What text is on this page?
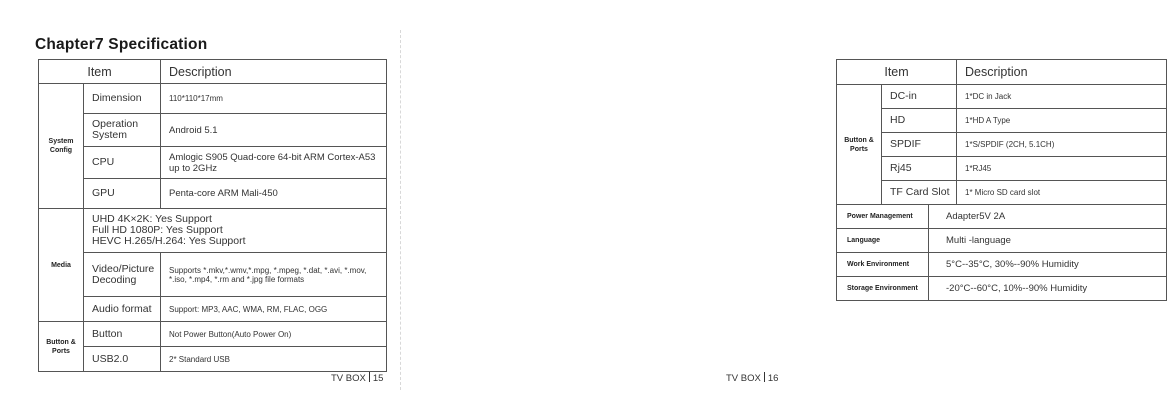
Chapter7 Specification
Item		Description
System Config	Dimension	110*110*17mm
	Operation System	Android 5.1
	CPU	Amlogic S905 Quad-core 64-bit ARM Cortex-A53 up to 2GHz
	GPU	Penta-core ARM Mali-450
Media	UHD 4K×2K: Yes Support
Full HD 1080P: Yes Support
HEVC H.265/H.264: Yes Support	

	Video/Picture Decoding	Supports *.mkv,*.wmv,*.mpg, *.mpeg, *.dat, *.avi, *.mov, *.iso, *.mp4, *.rm and *.jpg file formats
	Audio format	Support: MP3, AAC, WMA, RM, FLAC, OGG
Button & Ports	Button	Not Power Button(Auto Power On)
	USB2.0	2* Standard USB
TV BOX 15
Item			Description
Button & Ports	DC-in		1*DC in Jack
	HD		1*HD A Type
	SPDIF		1*S/SPDIF (2CH, 5.1CH)
	Rj45		1*RJ45
	TF Card Slot		1* Micro SD card slot
Power Management		Adapter5V 2A	
Language		Multi -language	
Work Environment		5°C--35°C, 30%--90% Humidity	
Storage Environment		-20°C--60°C, 10%--90% Humidity	
TV BOX 16
